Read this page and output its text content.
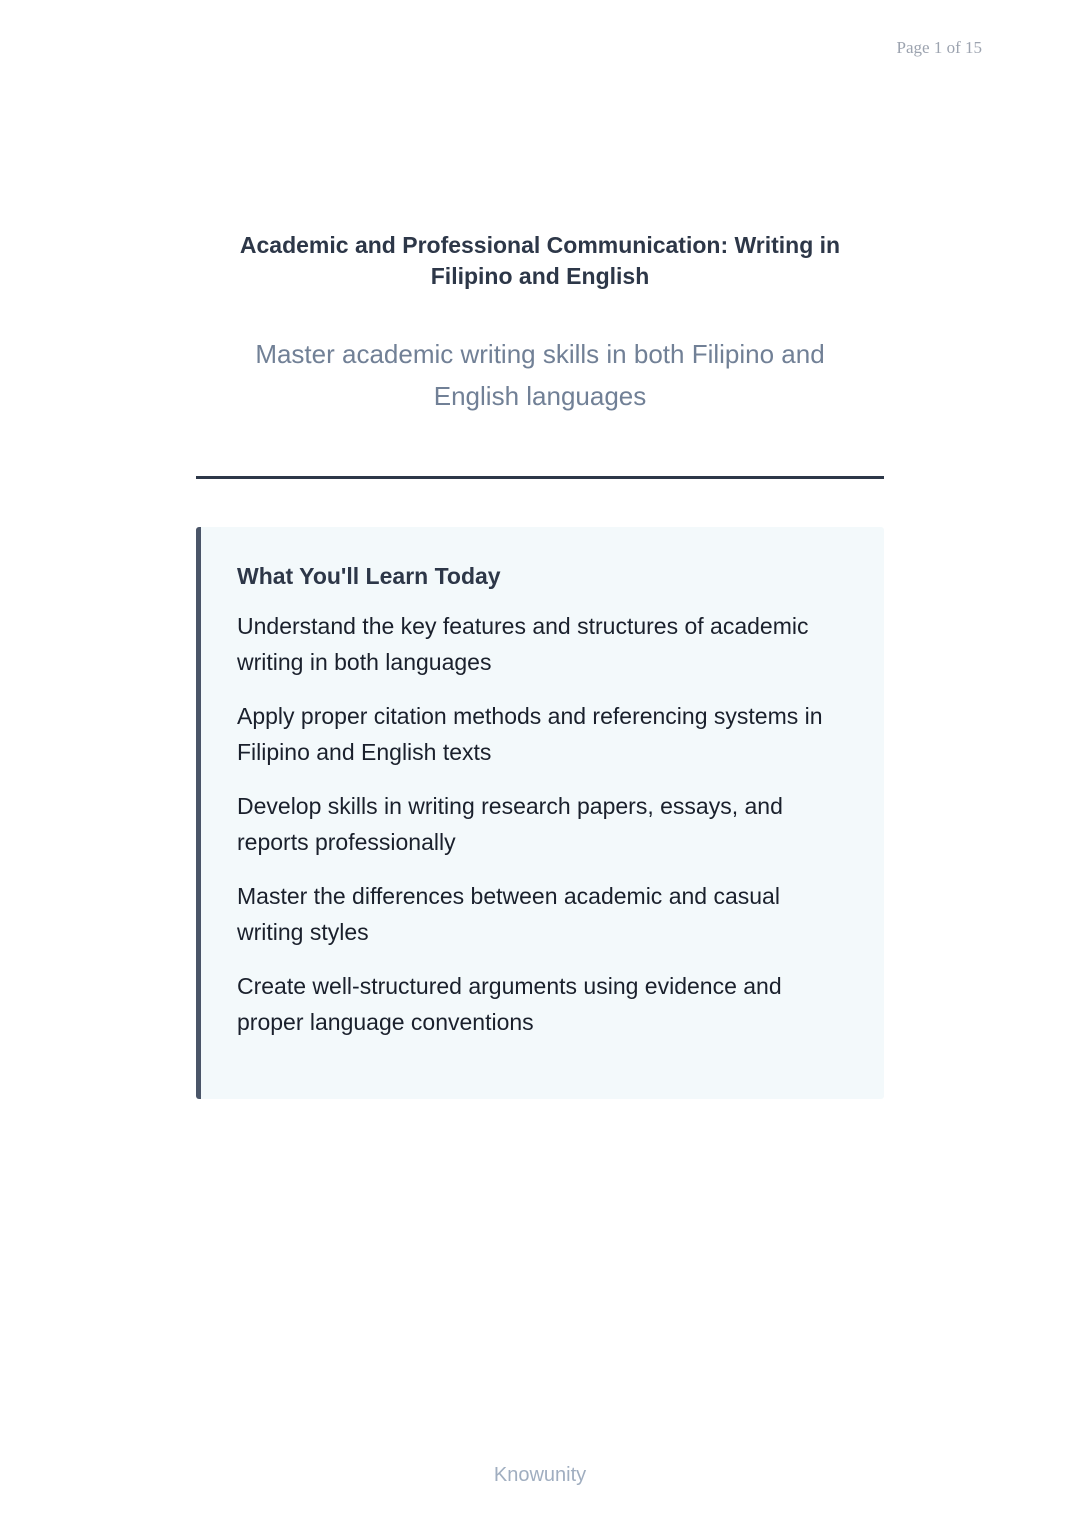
Page 1 of 15
Academic and Professional Communication: Writing in Filipino and English
Master academic writing skills in both Filipino and English languages
What You'll Learn Today
Understand the key features and structures of academic writing in both languages
Apply proper citation methods and referencing systems in Filipino and English texts
Develop skills in writing research papers, essays, and reports professionally
Master the differences between academic and casual writing styles
Create well-structured arguments using evidence and proper language conventions
Knowunity
